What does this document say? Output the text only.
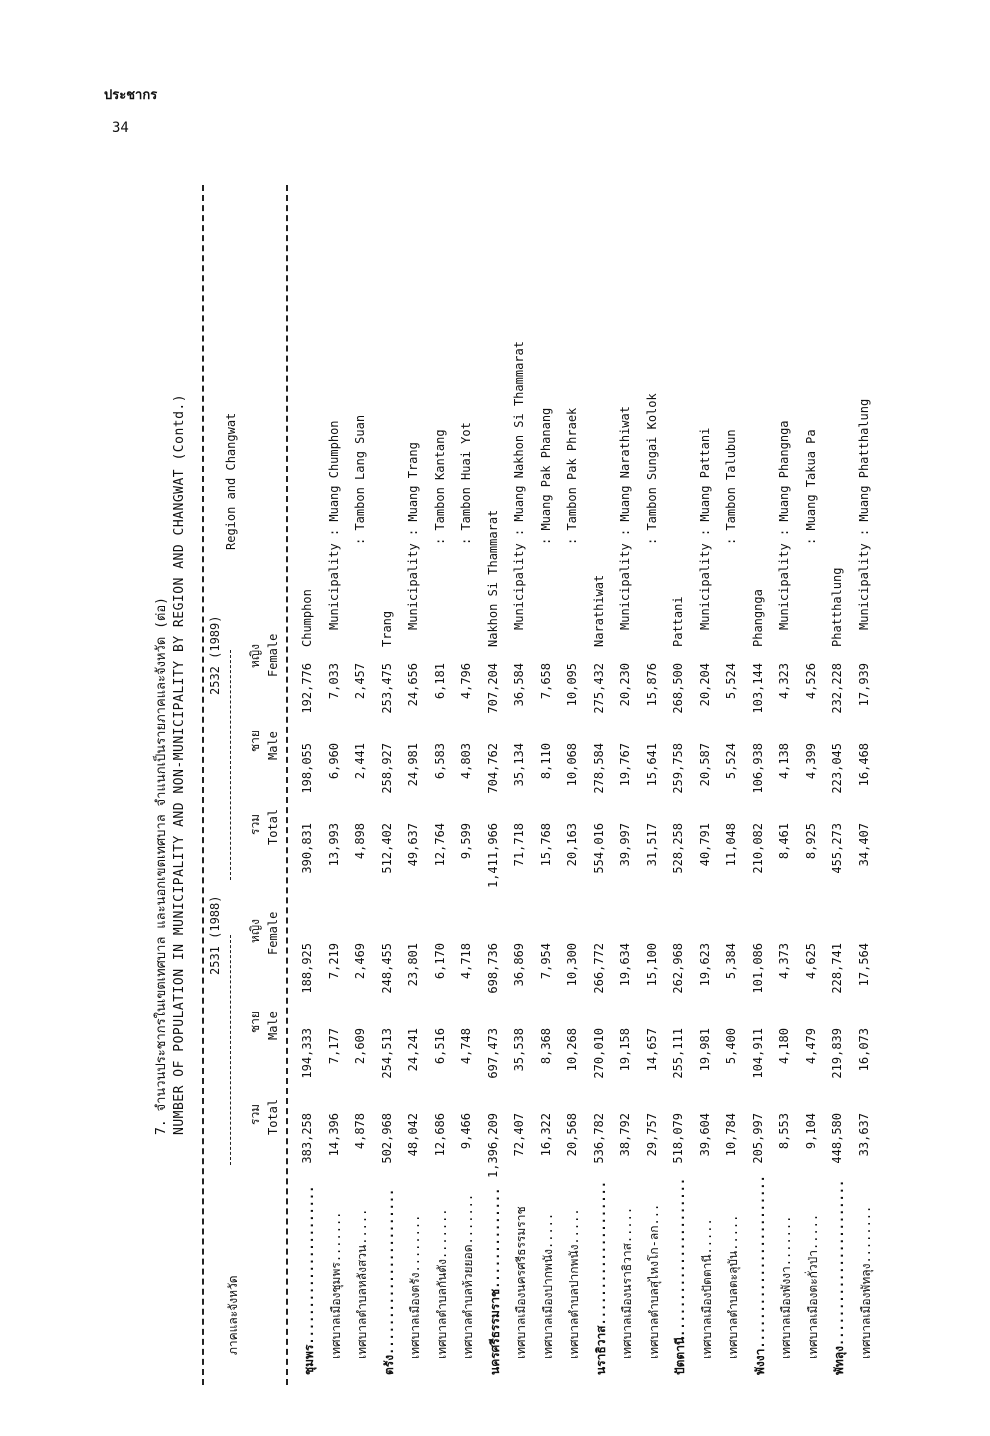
ประชากร
34
7. จำนวนประชากรในเขตเทศบาล และนอกเขตเทศบาล จำแนกเป็นรายภาคและจังหวัด (ต่อ) NUMBER OF POPULATION IN MUNICIPALITY AND NON-MUNICIPALITY BY REGION AND CHANGWAT (Contd.)
ภาคและจังหวัด
Region and Changwat
2531 (1988)
2532 (1989)
รวม
ชาย
หญิง
รวม
ชาย
หญิง
Total
Male
Female
Total
Male
Female
ชุมพร......................
383,258
194,333
188,925
390,831
198,055
192,776
Chumphon
เทศบาลเมืองชุมพร.......
14,396
7,177
7,219
13,993
6,960
7,033
Municipality : Muang Chumphon
เทศบาลตำบลหลังสวน.....
4,878
2,609
2,469
4,898
2,441
2,457
: Tambon Lang Suan
ตรัง.......................
502,968
254,513
248,455
512,402
258,927
253,475
Trang
เทศบาลเมืองตรัง........
48,042
24,241
23,801
49,637
24,981
24,656
Municipality : Muang Trang
เทศบาลตำบลกันตัง.......
12,686
6,516
6,170
12,764
6,583
6,181
: Tambon Kantang
เทศบาลตำบลห้วยยอด.......
9,466
4,748
4,718
9,599
4,803
4,796
: Tambon Huai Yot
นครศรีธรรมราช..............
1,396,209
697,473
698,736
1,411,966
704,762
707,204
Nakhon Si Thammarat
เทศบาลเมืองนครศรีธรรมราช
72,407
35,538
36,869
71,718
35,134
36,584
Municipality : Muang Nakhon Si Thammarat
เทศบาลเมืองปากพนัง.....
16,322
8,368
7,954
15,768
8,110
7,658
: Muang Pak Phanang
เทศบาลตำบลปากพนัง.....
20,568
10,268
10,300
20,163
10,068
10,095
: Tambon Pak Phraek
นราธิวาส....................
536,782
270,010
266,772
554,016
278,584
275,432
Narathiwat
เทศบาลเมืองนราธิวาส.....
38,792
19,158
19,634
39,997
19,767
20,230
Municipality : Muang Narathiwat
เทศบาลตำบลสุไหงโก-ลก...
29,757
14,657
15,100
31,517
15,641
15,876
: Tambon Sungai Kolok
ปัตตานี......................
518,079
255,111
262,968
528,258
259,758
268,500
Pattani
เทศบาลเมืองปัตตานี.....
39,604
19,981
19,623
40,791
20,587
20,204
Municipality : Muang Pattani
เทศบาลตำบลตะลุบัน.....
10,784
5,400
5,384
11,048
5,524
5,524
: Tambon Talubun
พังงา........................
205,997
104,911
101,086
210,082
106,938
103,144
Phangnga
เทศบาลเมืองพังงา.......
8,553
4,180
4,373
8,461
4,138
4,323
Municipality : Muang Phangnga
เทศบาลเมืองตะกั่วป่า.....
9,104
4,479
4,625
8,925
4,399
4,526
: Muang Takua Pa
พัทลุง.......................
448,580
219,839
228,741
455,273
223,045
232,228
Phatthalung
เทศบาลเมืองพัทลุง........
33,637
16,073
17,564
34,407
16,468
17,939
Municipality : Muang Phatthalung
